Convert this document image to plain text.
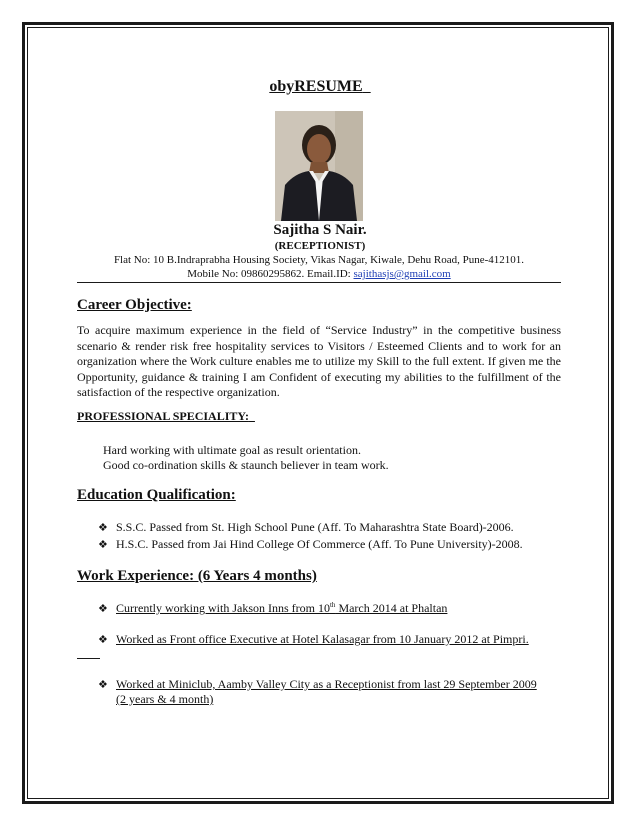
obyRESUME
Sajitha S Nair.
(RECEPTIONIST)
Flat No: 10 B.Indraprabha Housing Society, Vikas Nagar, Kiwale, Dehu Road, Pune-412101.
Mobile No: 09860295862. Email.ID: sajithasjs@gmail.com
Career Objective:
To acquire maximum experience in the field of “Service Industry” in the competitive business scenario & render risk free hospitality services to Visitors / Esteemed Clients and to work for an organization where the Work culture enables me to utilize my Skill to the full extent. If given me the Opportunity, guidance & training I am Confident of executing my abilities to the fulfillment of the satisfaction of the respective organization.
PROFESSIONAL SPECIALITY:
Hard working with ultimate goal as result orientation.
Good co-ordination skills & staunch believer in team work.
Education Qualification:
❖ S.S.C. Passed from St. High School Pune (Aff. To Maharashtra State Board)-2006.
❖ H.S.C. Passed from Jai Hind College Of Commerce (Aff. To Pune University)-2008.
Work Experience: (6 Years 4 months)
❖ Currently working with Jakson Inns from 10th March 2014 at Phaltan
❖ Worked as Front office Executive at Hotel Kalasagar from 10 January 2012 at Pimpri.
❖ Worked at Miniclub, Aamby Valley City as a Receptionist from last 29 September 2009
(2 years & 4 month)
